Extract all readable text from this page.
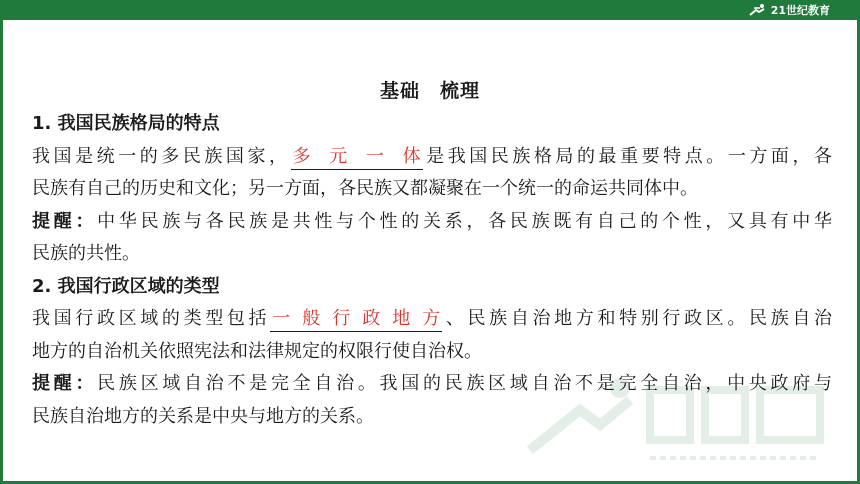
21世纪教育
基础　梳理
1. 我国民族格局的特点
我国是统一的多民族国家， 多元一体 是我国民族格局的最重要特点。一方面，各
民族有自己的历史和文化；另一方面，各民族又都凝聚在一个统一的命运共同体中。
提醒：中华民族与各民族是共性与个性的关系，各民族既有自己的个性，又具有中华
民族的共性。
2. 我国行政区域的类型
我国行政区域的类型包括 一般行政地方 、民族自治地方和特别行政区。民族自治
地方的自治机关依照宪法和法律规定的权限行使自治权。
提醒：民族区域自治不是完全自治。我国的民族区域自治不是完全自治，中央政府与
民族自治地方的关系是中央与地方的关系。
